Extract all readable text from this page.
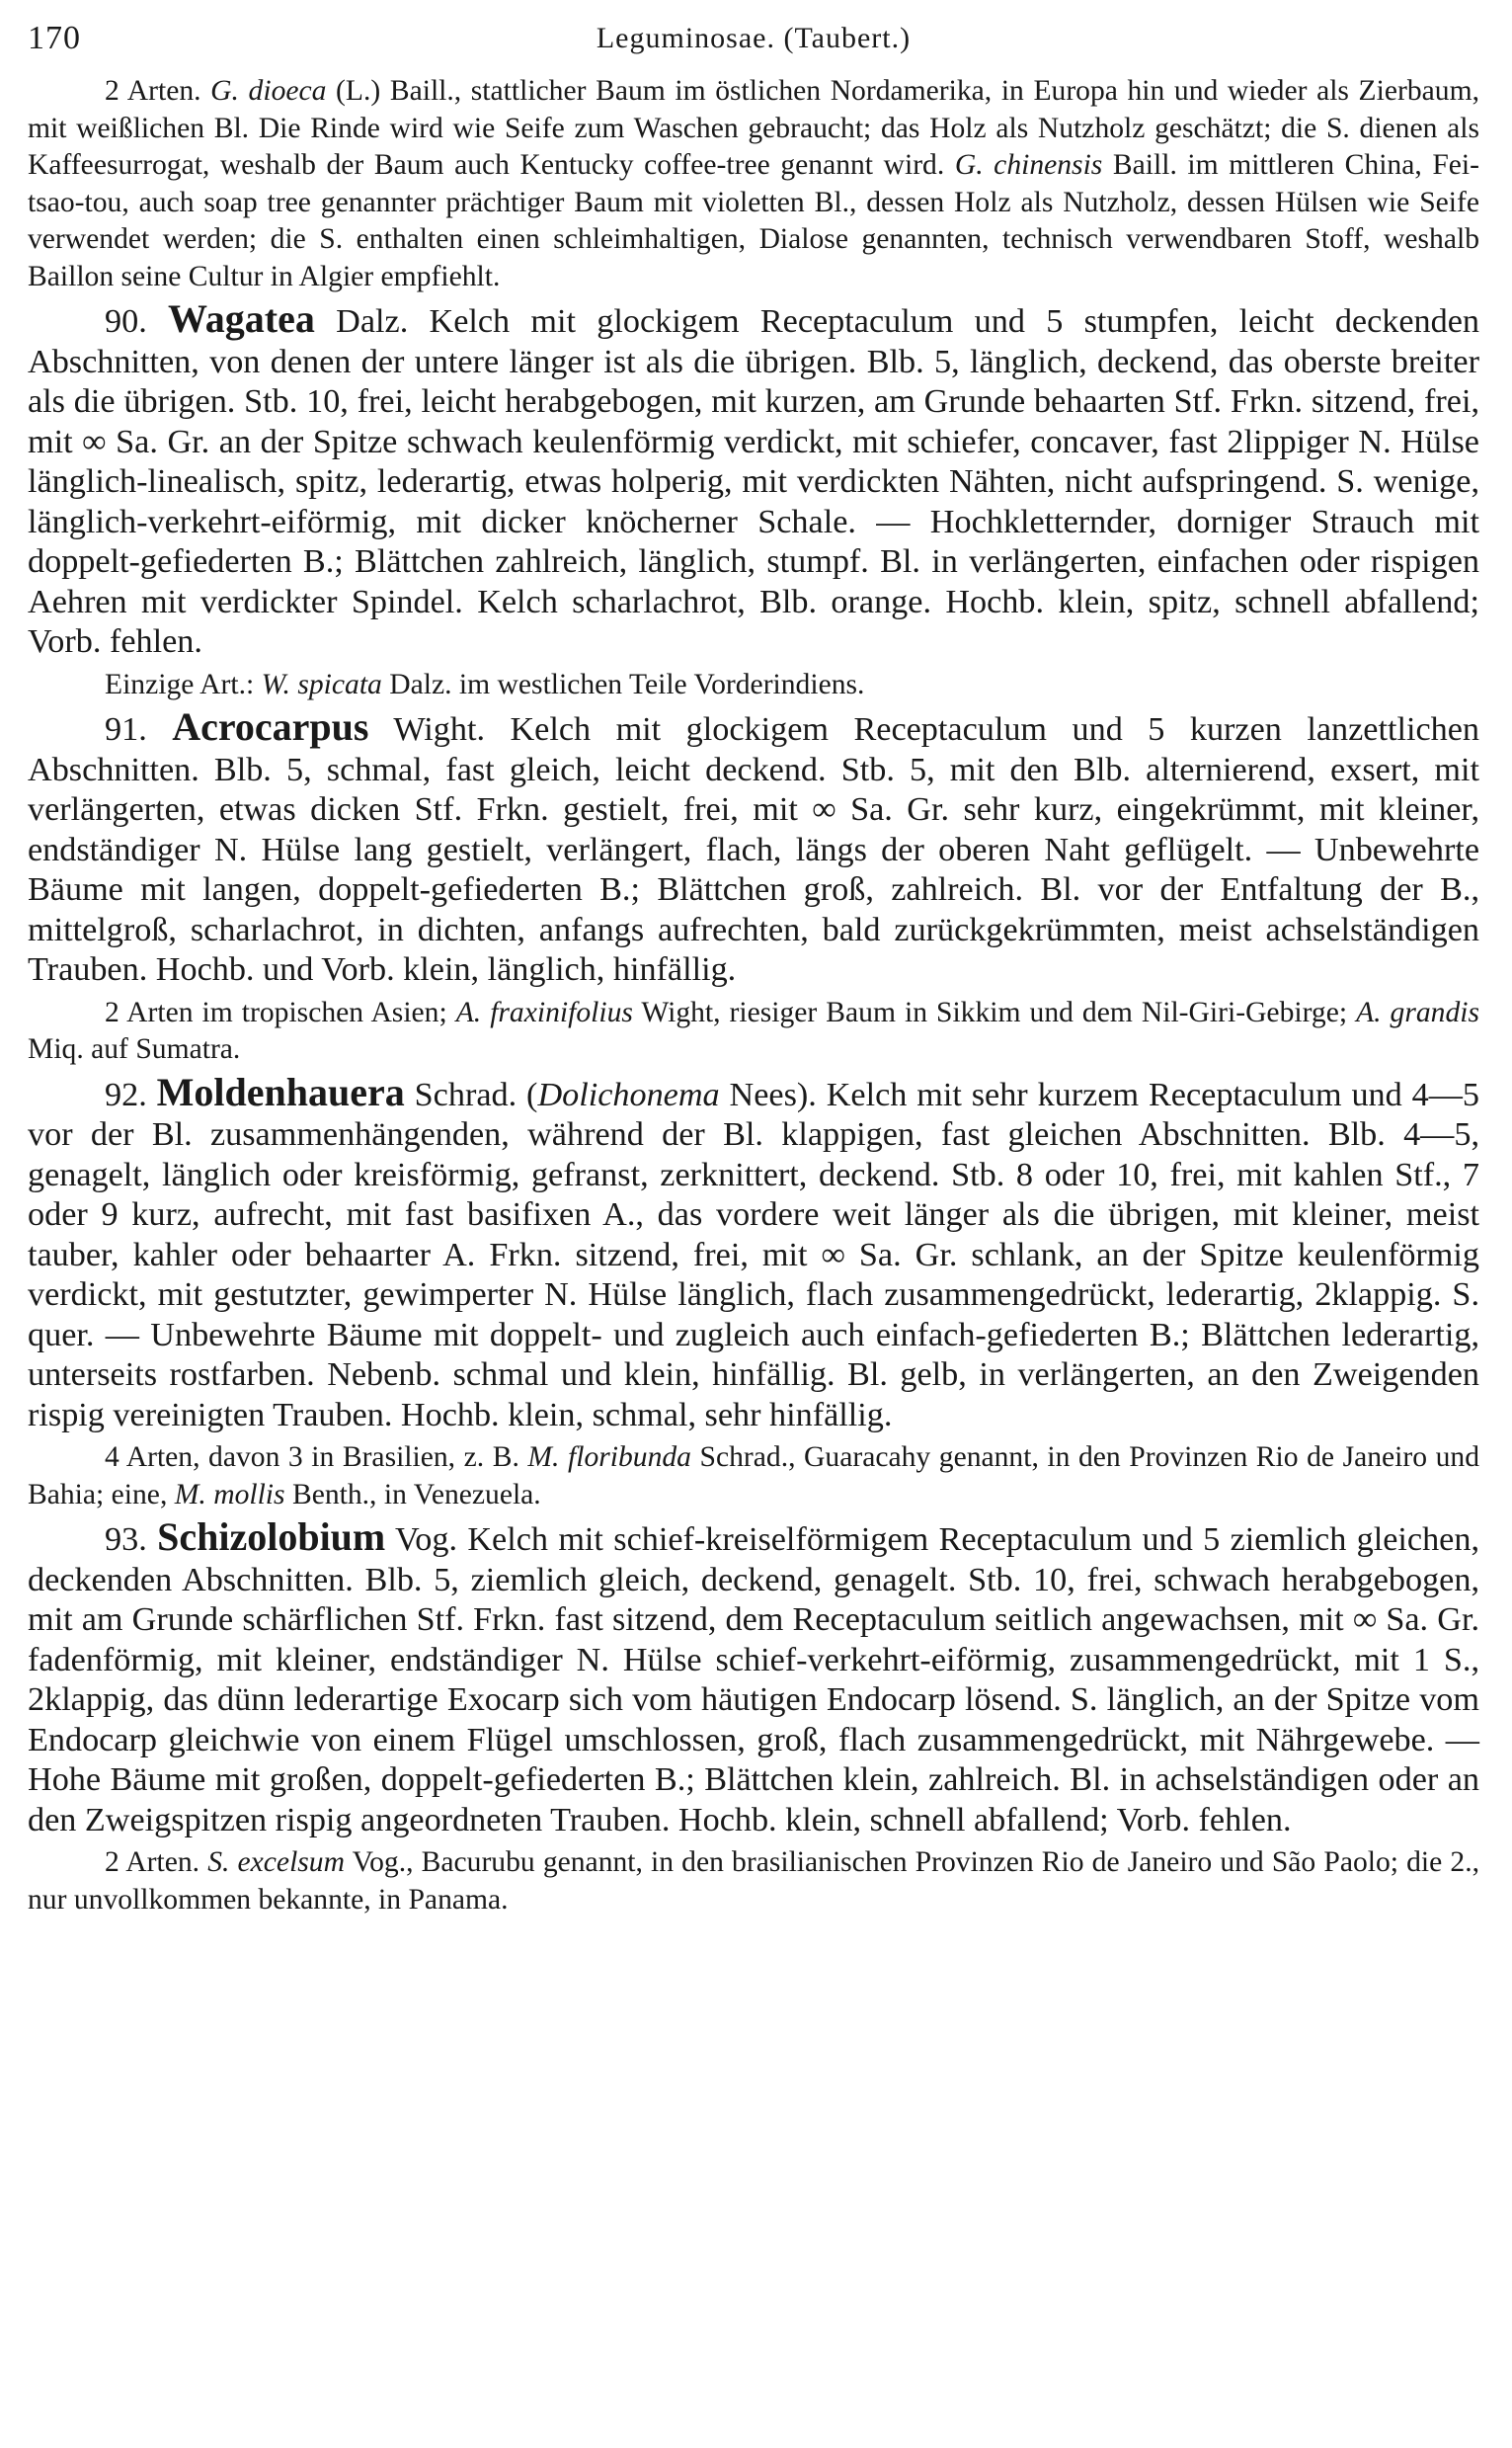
170	Leguminosae. (Taubert.)
2 Arten. G. dioeca (L.) Baill., stattlicher Baum im östlichen Nordamerika, in Europa hin und wieder als Zierbaum, mit weißlichen Bl. Die Rinde wird wie Seife zum Waschen gebraucht; das Holz als Nutzholz geschätzt; die S. dienen als Kaffeesurrogat, weshalb der Baum auch Kentucky coffee-tree genannt wird. G. chinensis Baill. im mittleren China, Fei-tsao-tou, auch soap tree genannter prächtiger Baum mit violetten Bl., dessen Holz als Nutzholz, dessen Hülsen wie Seife verwendet werden; die S. enthalten einen schleimhaltigen, Dialose genannten, technisch verwendbaren Stoff, weshalb Baillon seine Cultur in Algier empfiehlt.
90. Wagatea Dalz. Kelch mit glockigem Receptaculum und 5 stumpfen, leicht deckenden Abschnitten, von denen der untere länger ist als die übrigen. Blb. 5, länglich, deckend, das oberste breiter als die übrigen. Stb. 10, frei, leicht herabgebogen, mit kurzen, am Grunde behaarten Stf. Frkn. sitzend, frei, mit ∞ Sa. Gr. an der Spitze schwach keulenförmig verdickt, mit schiefer, concaver, fast 2lippiger N. Hülse länglich-linealisch, spitz, lederartig, etwas holperig, mit verdickten Nähten, nicht aufspringend. S. wenige, länglich-verkehrt-eiförmig, mit dicker knöcherner Schale. — Hochkletternder, dorniger Strauch mit doppelt-gefiederten B.; Blättchen zahlreich, länglich, stumpf. Bl. in verlängerten, einfachen oder rispigen Aehren mit verdickter Spindel. Kelch scharlachrot, Blb. orange. Hochb. klein, spitz, schnell abfallend; Vorb. fehlen.
Einzige Art.: W. spicata Dalz. im westlichen Teile Vorderindiens.
91. Acrocarpus Wight. Kelch mit glockigem Receptaculum und 5 kurzen lanzettlichen Abschnitten. Blb. 5, schmal, fast gleich, leicht deckend. Stb. 5, mit den Blb. alternierend, exsert, mit verlängerten, etwas dicken Stf. Frkn. gestielt, frei, mit ∞ Sa. Gr. sehr kurz, eingekrümmt, mit kleiner, endständiger N. Hülse lang gestielt, verlängert, flach, längs der oberen Naht geflügelt. — Unbewehrte Bäume mit langen, doppelt-gefiederten B.; Blättchen groß, zahlreich. Bl. vor der Entfaltung der B., mittelgroß, scharlachrot, in dichten, anfangs aufrechten, bald zurückgekrümmten, meist achselständigen Trauben. Hochb. und Vorb. klein, länglich, hinfällig.
2 Arten im tropischen Asien; A. fraxinifolius Wight, riesiger Baum in Sikkim und dem Nil-Giri-Gebirge; A. grandis Miq. auf Sumatra.
92. Moldenhauera Schrad. (Dolichonema Nees). Kelch mit sehr kurzem Receptaculum und 4—5 vor der Bl. zusammenhängenden, während der Bl. klappigen, fast gleichen Abschnitten. Blb. 4—5, genagelt, länglich oder kreisförmig, gefranst, zerknittert, deckend. Stb. 8 oder 10, frei, mit kahlen Stf., 7 oder 9 kurz, aufrecht, mit fast basifixen A., das vordere weit länger als die übrigen, mit kleiner, meist tauber, kahler oder behaarter A. Frkn. sitzend, frei, mit ∞ Sa. Gr. schlank, an der Spitze keulenförmig verdickt, mit gestutzter, gewimperter N. Hülse länglich, flach zusammengedrückt, lederartig, 2klappig. S. quer. — Unbewehrte Bäume mit doppelt- und zugleich auch einfach-gefiederten B.; Blättchen lederartig, unterseits rostfarben. Nebenb. schmal und klein, hinfällig. Bl. gelb, in verlängerten, an den Zweigenden rispig vereinigten Trauben. Hochb. klein, schmal, sehr hinfällig.
4 Arten, davon 3 in Brasilien, z. B. M. floribunda Schrad., Guaracahy genannt, in den Provinzen Rio de Janeiro und Bahia; eine, M. mollis Benth., in Venezuela.
93. Schizolobium Vog. Kelch mit schief-kreiselförmigem Receptaculum und 5 ziemlich gleichen, deckenden Abschnitten. Blb. 5, ziemlich gleich, deckend, genagelt. Stb. 10, frei, schwach herabgebogen, mit am Grunde schärflichen Stf. Frkn. fast sitzend, dem Receptaculum seitlich angewachsen, mit ∞ Sa. Gr. fadenförmig, mit kleiner, endständiger N. Hülse schief-verkehrt-eiförmig, zusammengedrückt, mit 1 S., 2klappig, das dünn lederartige Exocarp sich vom häutigen Endocarp lösend. S. länglich, an der Spitze vom Endocarp gleichwie von einem Flügel umschlossen, groß, flach zusammengedrückt, mit Nährgewebe. — Hohe Bäume mit großen, doppelt-gefiederten B.; Blättchen klein, zahlreich. Bl. in achselständigen oder an den Zweigspitzen rispig angeordneten Trauben. Hochb. klein, schnell abfallend; Vorb. fehlen.
2 Arten. S. excelsum Vog., Bacurubu genannt, in den brasilianischen Provinzen Rio de Janeiro und São Paolo; die 2., nur unvollkommen bekannte, in Panama.
